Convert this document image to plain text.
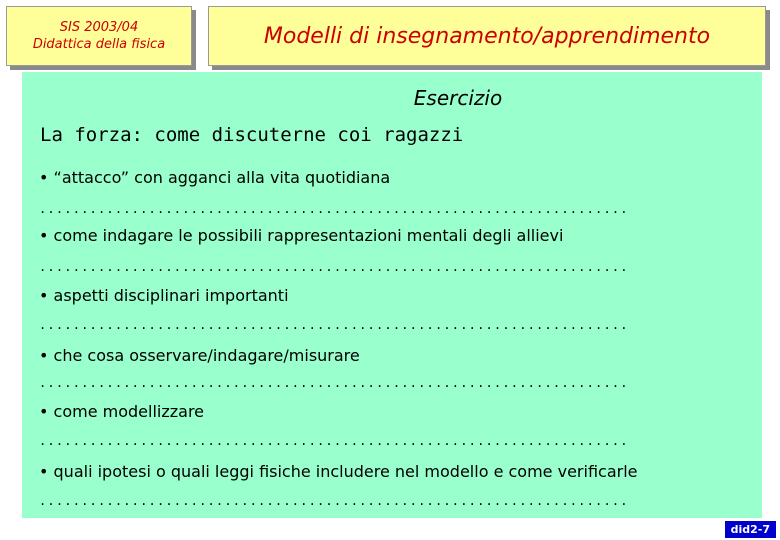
SIS 2003/04
Didattica della fisica	Modelli di insegnamento/apprendimento
Esercizio
La forza: come discuterne coi ragazzi
• “attacco” con agganci alla vita quotidiana
......................................................................
• come indagare le possibili rappresentazioni mentali degli allievi
......................................................................
• aspetti disciplinari importanti
......................................................................
• che cosa osservare/indagare/misurare
......................................................................
• come modellizzare
......................................................................
• quali ipotesi o quali leggi fisiche includere nel modello e come verificarle
......................................................................
did2-7
